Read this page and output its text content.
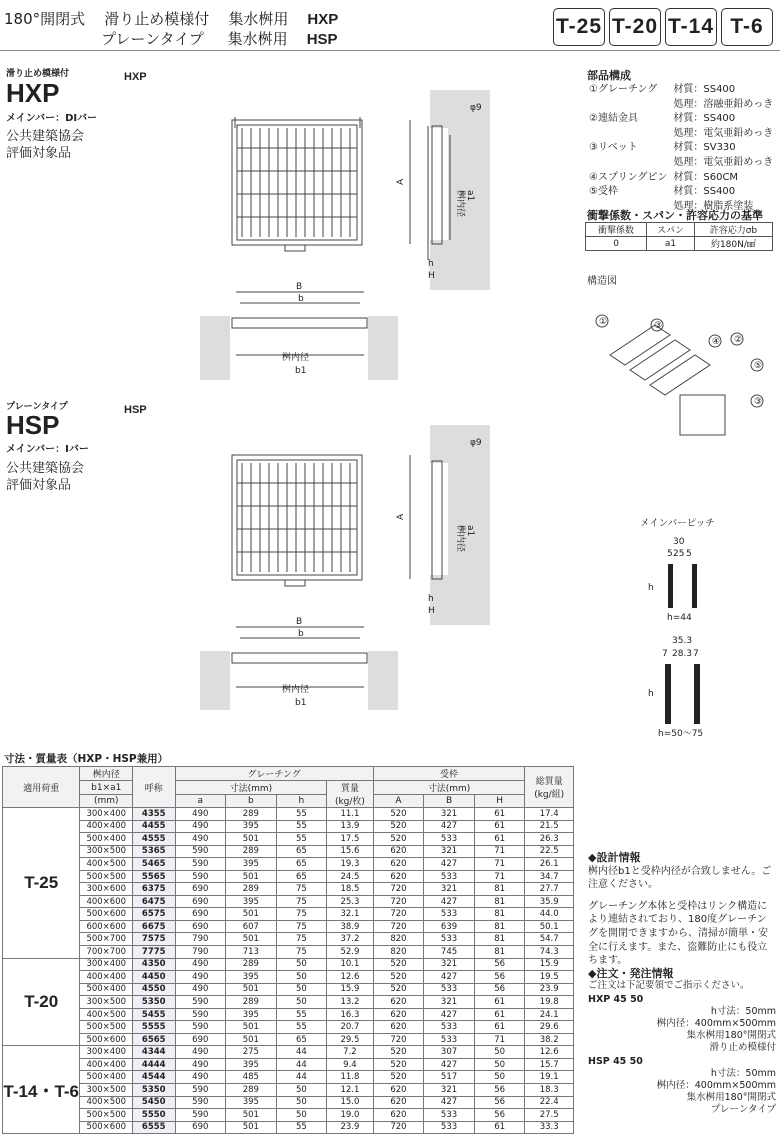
180°開閉式 滑り止め模様付 集水桝用 HXP
プレーンタイプ 集水桝用 HSP
T-25 T-20 T-14 T-6
滑り止め模様付
HXP
メインバー：DIバー
公共建築協会
評価対象品
HXP
プレーンタイプ
HSP
メインバー：Iバー
公共建築協会
評価対象品
HSP
A
桝内径 a1
φ9
h
H
B
b
桝内径
b1
A
桝内径 a1
φ9
h
H
B
b
桝内径
b1
部品構成
①グレーチング	材質：SS400
	処理：溶融亜鉛めっき
②連結金具	材質：SS400
	処理：電気亜鉛めっき
③リベット	材質：SV330
	処理：電気亜鉛めっき
④スプリングピン	材質：S60CM
⑤受枠	材質：SS400
	処理：樹脂系塗装
衝撃係数・スパン・許容応力の基準
衝撃係数	スパン	許容応力σb
0	a1	約180N/㎟
構造図
③
①
④ ②
⑤
③
メインバーピッチ
30
5 25 5
h
h=44
35.3
7 28.3 7
h
h=50〜75
寸法・質量表（HXP・HSP兼用）
適用荷重	桝内径	呼称	グレーチング				受枠			総質量
(kg/組)

	b1×a1		寸法(mm)			質量
(kg/枚)	寸法(mm)			
	(mm)		a	b	h		A	B	H	
T-25	300×400	4355	490	289	55	11.1	520	321	61	17.4
	400×400	4455	490	395	55	13.9	520	427	61	21.5
	500×400	4555	490	501	55	17.5	520	533	61	26.3
	300×500	5365	590	289	65	15.6	620	321	71	22.5
	400×500	5465	590	395	65	19.3	620	427	71	26.1
	500×500	5565	590	501	65	24.5	620	533	71	34.7
	300×600	6375	690	289	75	18.5	720	321	81	27.7
	400×600	6475	690	395	75	25.3	720	427	81	35.9
	500×600	6575	690	501	75	32.1	720	533	81	44.0
	600×600	6675	690	607	75	38.9	720	639	81	50.1
	500×700	7575	790	501	75	37.2	820	533	81	54.7
	700×700	7775	790	713	75	52.9	820	745	81	74.3
T-20	300×400	4350	490	289	50	10.1	520	321	56	15.9
	400×400	4450	490	395	50	12.6	520	427	56	19.5
	500×400	4550	490	501	50	15.9	520	533	56	23.9
	300×500	5350	590	289	50	13.2	620	321	61	19.8
	400×500	5455	590	395	55	16.3	620	427	61	24.1
	500×500	5555	590	501	55	20.7	620	533	61	29.6
	500×600	6565	690	501	65	29.5	720	533	71	38.2
T-14・T-6	300×400	4344	490	275	44	7.2	520	307	50	12.6
	400×400	4444	490	395	44	9.4	520	427	50	15.7
	500×400	4544	490	485	44	11.8	520	517	50	19.1
	300×500	5350	590	289	50	12.1	620	321	56	18.3
	400×500	5450	590	395	50	15.0	620	427	56	22.4
	500×500	5550	590	501	50	19.0	620	533	56	27.5
	500×600	6555	690	501	55	23.9	720	533	61	33.3
◆設計情報
桝内径b1と受枠内径が合致しません。ご注意ください。
グレーチング本体と受枠はリンク構造により連結されており、180度グレーチングを開閉できますから、清掃が簡単・安全に行えます。また、盗難防止にも役立ちます。
◆注文・発注情報
ご注文は下記要領でご指示ください。
HXP 45 50
h寸法：50mm
桝内径：400mm×500mm
集水桝用180°開閉式
滑り止め模様付
HSP 45 50
h寸法：50mm
桝内径：400mm×500mm
集水桝用180°開閉式
プレーンタイプ
